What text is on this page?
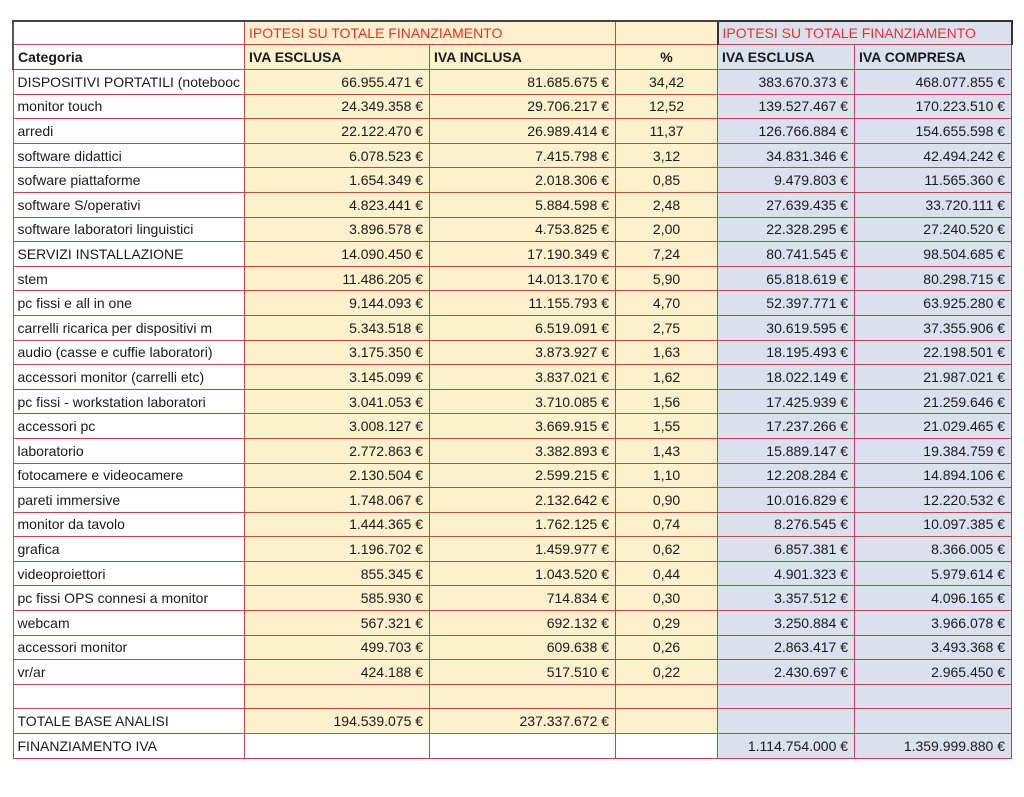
	IPOTESI SU TOTALE FINANZIAMENTO			IPOTESI SU TOTALE FINANZIAMENTO	
Categoria	IVA ESCLUSA	IVA INCLUSA	%	IVA ESCLUSA	IVA COMPRESA
DISPOSITIVI PORTATILI (notebooc	66.955.471 €	81.685.675 €	34,42	383.670.373 €	468.077.855 €
monitor touch	24.349.358 €	29.706.217 €	12,52	139.527.467 €	170.223.510 €
arredi	22.122.470 €	26.989.414 €	11,37	126.766.884 €	154.655.598 €
software didattici	6.078.523 €	7.415.798 €	3,12	34.831.346 €	42.494.242 €
sofware piattaforme	1.654.349 €	2.018.306 €	0,85	9.479.803 €	11.565.360 €
software S/operativi	4.823.441 €	5.884.598 €	2,48	27.639.435 €	33.720.111 €
software laboratori linguistici	3.896.578 €	4.753.825 €	2,00	22.328.295 €	27.240.520 €
SERVIZI INSTALLAZIONE	14.090.450 €	17.190.349 €	7,24	80.741.545 €	98.504.685 €
stem	11.486.205 €	14.013.170 €	5,90	65.818.619 €	80.298.715 €
pc fissi e all in one	9.144.093 €	11.155.793 €	4,70	52.397.771 €	63.925.280 €
carrelli ricarica per dispositivi m	5.343.518 €	6.519.091 €	2,75	30.619.595 €	37.355.906 €
audio (casse e cuffie laboratori)	3.175.350 €	3.873.927 €	1,63	18.195.493 €	22.198.501 €
accessori monitor (carrelli etc)	3.145.099 €	3.837.021 €	1,62	18.022.149 €	21.987.021 €
pc fissi - workstation laboratori	3.041.053 €	3.710.085 €	1,56	17.425.939 €	21.259.646 €
accessori pc	3.008.127 €	3.669.915 €	1,55	17.237.266 €	21.029.465 €
laboratorio	2.772.863 €	3.382.893 €	1,43	15.889.147 €	19.384.759 €
fotocamere e videocamere	2.130.504 €	2.599.215 €	1,10	12.208.284 €	14.894.106 €
pareti immersive	1.748.067 €	2.132.642 €	0,90	10.016.829 €	12.220.532 €
monitor da tavolo	1.444.365 €	1.762.125 €	0,74	8.276.545 €	10.097.385 €
grafica	1.196.702 €	1.459.977 €	0,62	6.857.381 €	8.366.005 €
videoproiettori	855.345 €	1.043.520 €	0,44	4.901.323 €	5.979.614 €
pc fissi OPS connesi a monitor	585.930 €	714.834 €	0,30	3.357.512 €	4.096.165 €
webcam	567.321 €	692.132 €	0,29	3.250.884 €	3.966.078 €
accessori monitor	499.703 €	609.638 €	0,26	2.863.417 €	3.493.368 €
vr/ar	424.188 €	517.510 €	0,22	2.430.697 €	2.965.450 €

TOTALE BASE ANALISI	194.539.075 €	237.337.672 €			
FINANZIAMENTO IVA				1.114.754.000 €	1.359.999.880 €
